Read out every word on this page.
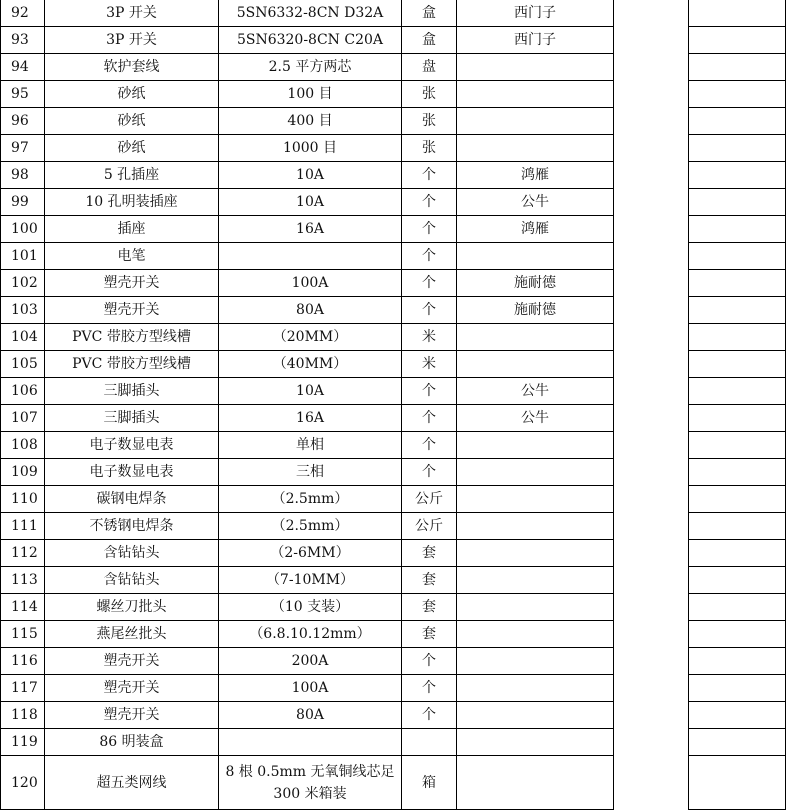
92	3P 开关	5SN6332-8CN D32A	盒	西门子		
93	3P 开关	5SN6320-8CN C20A	盒	西门子		
94	软护套线	2.5 平方两芯	盘			
95	砂纸	100 目	张			
96	砂纸	400 目	张			
97	砂纸	1000 目	张			
98	5 孔插座	10A	个	鸿雁		
99	10 孔明装插座	10A	个	公牛		
100	插座	16A	个	鸿雁		
101	电笔		个			
102	塑壳开关	100A	个	施耐德		
103	塑壳开关	80A	个	施耐德		
104	PVC 带胶方型线槽	（20MM）	米			
105	PVC 带胶方型线槽	（40MM）	米			
106	三脚插头	10A	个	公牛		
107	三脚插头	16A	个	公牛		
108	电子数显电表	单相	个			
109	电子数显电表	三相	个			
110	碳钢电焊条	（2.5mm）	公斤			
111	不锈钢电焊条	（2.5mm）	公斤			
112	含钻钻头	（2-6MM）	套			
113	含钻钻头	（7-10MM）	套			
114	螺丝刀批头	（10 支装）	套			
115	燕尾丝批头	（6.8.10.12mm）	套			
116	塑壳开关	200A	个			
117	塑壳开关	100A	个			
118	塑壳开关	80A	个			
119	86 明装盒					
120	超五类网线	8 根 0.5mm 无氧铜线芯足 300 米箱装	箱			
